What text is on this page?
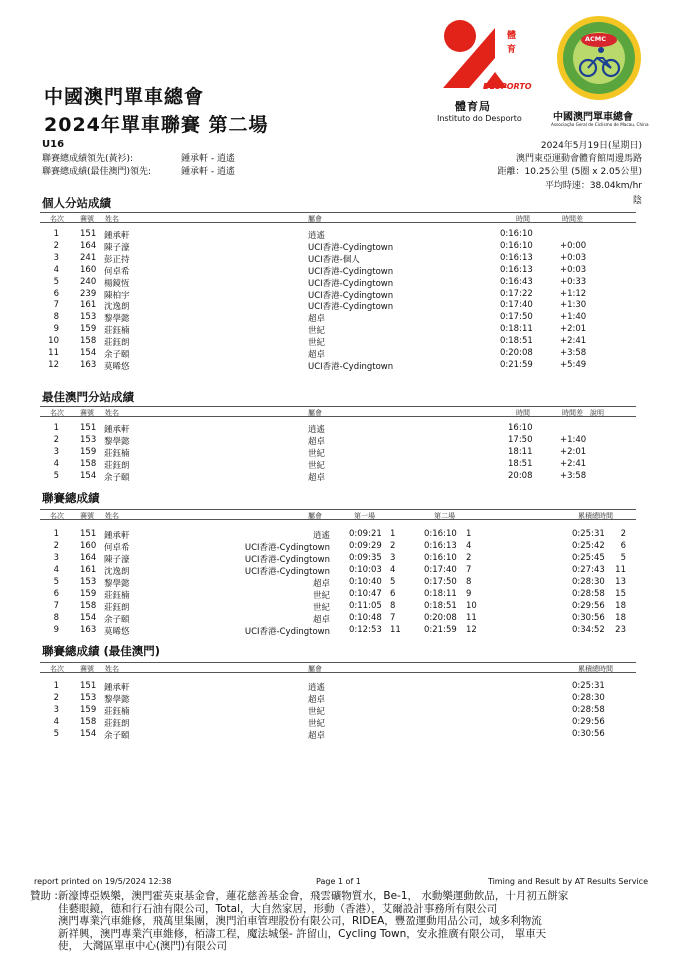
體
育
DESPORTO
體育局
Instituto do Desporto
ACMC
中國澳門單車總會
Associação Geral de Ciclismo de Macau, China
中國澳門單車總會
2024年單車聯賽 第二場
U16
聯賽總成績領先(黃衫):	鍾承軒 - 逍遙
聯賽總成績(最佳澳門)領先:	鍾承軒 - 逍遙
2024年5月19日(星期日)
澳門東亞運動會體育館周邊馬路
距離：10.25公里 (5圈 x 2.05公里)
平均時速：38.04km/hr
陰
個人分站成績
名次 賽號 姓名	屬會	時間	時間差
1 151 鍾承軒	逍遙	0:16:10
2 164 陳子濠	UCI香港-Cydingtown	0:16:10	+0:00
3 241 彭正持	UCI香港-個人	0:16:13	+0:03
4 160 何卓希	UCI香港-Cydingtown	0:16:13	+0:03
5 240 楊鏡恆	UCI香港-Cydingtown	0:16:43	+0:33
6 239 陳柏宇	UCI香港-Cydingtown	0:17:22	+1:12
7 161 沈逸朗	UCI香港-Cydingtown	0:17:40	+1:30
8 153 黎學懿	超卓	0:17:50	+1:40
9 159 莊鈺楠	世紀	0:18:11	+2:01
10 158 莊鈺朗	世紀	0:18:51	+2:41
11 154 余子頤	超卓	0:20:08	+3:58
12 163 莫晞悠	UCI香港-Cydingtown	0:21:59	+5:49
最佳澳門分站成績
名次 賽號 姓名	屬會	時間	時間差 說明
1 151 鍾承軒	逍遙	16:10
2 153 黎學懿	超卓	17:50	+1:40
3 159 莊鈺楠	世紀	18:11	+2:01
4 158 莊鈺朗	世紀	18:51	+2:41
5 154 余子頤	超卓	20:08	+3:58
聯賽總成績
名次 賽號 姓名	屬會	第一場	第二場	累積總時間
1 151 鍾承軒	逍遙 0:09:21 1	0:16:10 1	0:25:31 2
2 160 何卓希	UCI香港-Cydingtown 0:09:29 2	0:16:13 4	0:25:42 6
3 164 陳子濠	UCI香港-Cydingtown 0:09:35 3	0:16:10 2	0:25:45 5
4 161 沈逸朗	UCI香港-Cydingtown 0:10:03 4	0:17:40 7	0:27:43 11
5 153 黎學懿	超卓 0:10:40 5	0:17:50 8	0:28:30 13
6 159 莊鈺楠	世紀 0:10:47 6	0:18:11 9	0:28:58 15
7 158 莊鈺朗	世紀 0:11:05 8	0:18:51 10	0:29:56 18
8 154 余子頤	超卓 0:10:48 7	0:20:08 11	0:30:56 18
9 163 莫晞悠	UCI香港-Cydingtown 0:12:53 11	0:21:59 12	0:34:52 23
聯賽總成績 (最佳澳門)
名次 賽號 姓名	屬會	累積總時間
1 151 鍾承軒	逍遙	0:25:31
2 153 黎學懿	超卓	0:28:30
3 159 莊鈺楠	世紀	0:28:58
4 158 莊鈺朗	世紀	0:29:56
5 154 余子頤	超卓	0:30:56
report printed on 19/5/2024 12:38	Page 1 of 1	Timing and Result by AT Results Service
贊助 :新濠博亞娛樂，澳門霍英東基金會，蓮花慈善基金會，飛雲礦物質水，Be-1， 水動樂運動飲品，十月初五餅家
佳藝眼鏡，德和行石油有限公司，Total，大自然家居，形動（香港），艾爾設計事務所有限公司
澳門專業汽車維修，飛萬里集團，澳門泊車管理股份有限公司，RIDEA，豐盈運動用品公司，域多利物流
新祥興，澳門專業汽車維修，栢濤工程，魔法城堡- 許留山，Cycling Town，安永推廣有限公司， 單車天
使， 大灣區單車中心(澳門)有限公司
